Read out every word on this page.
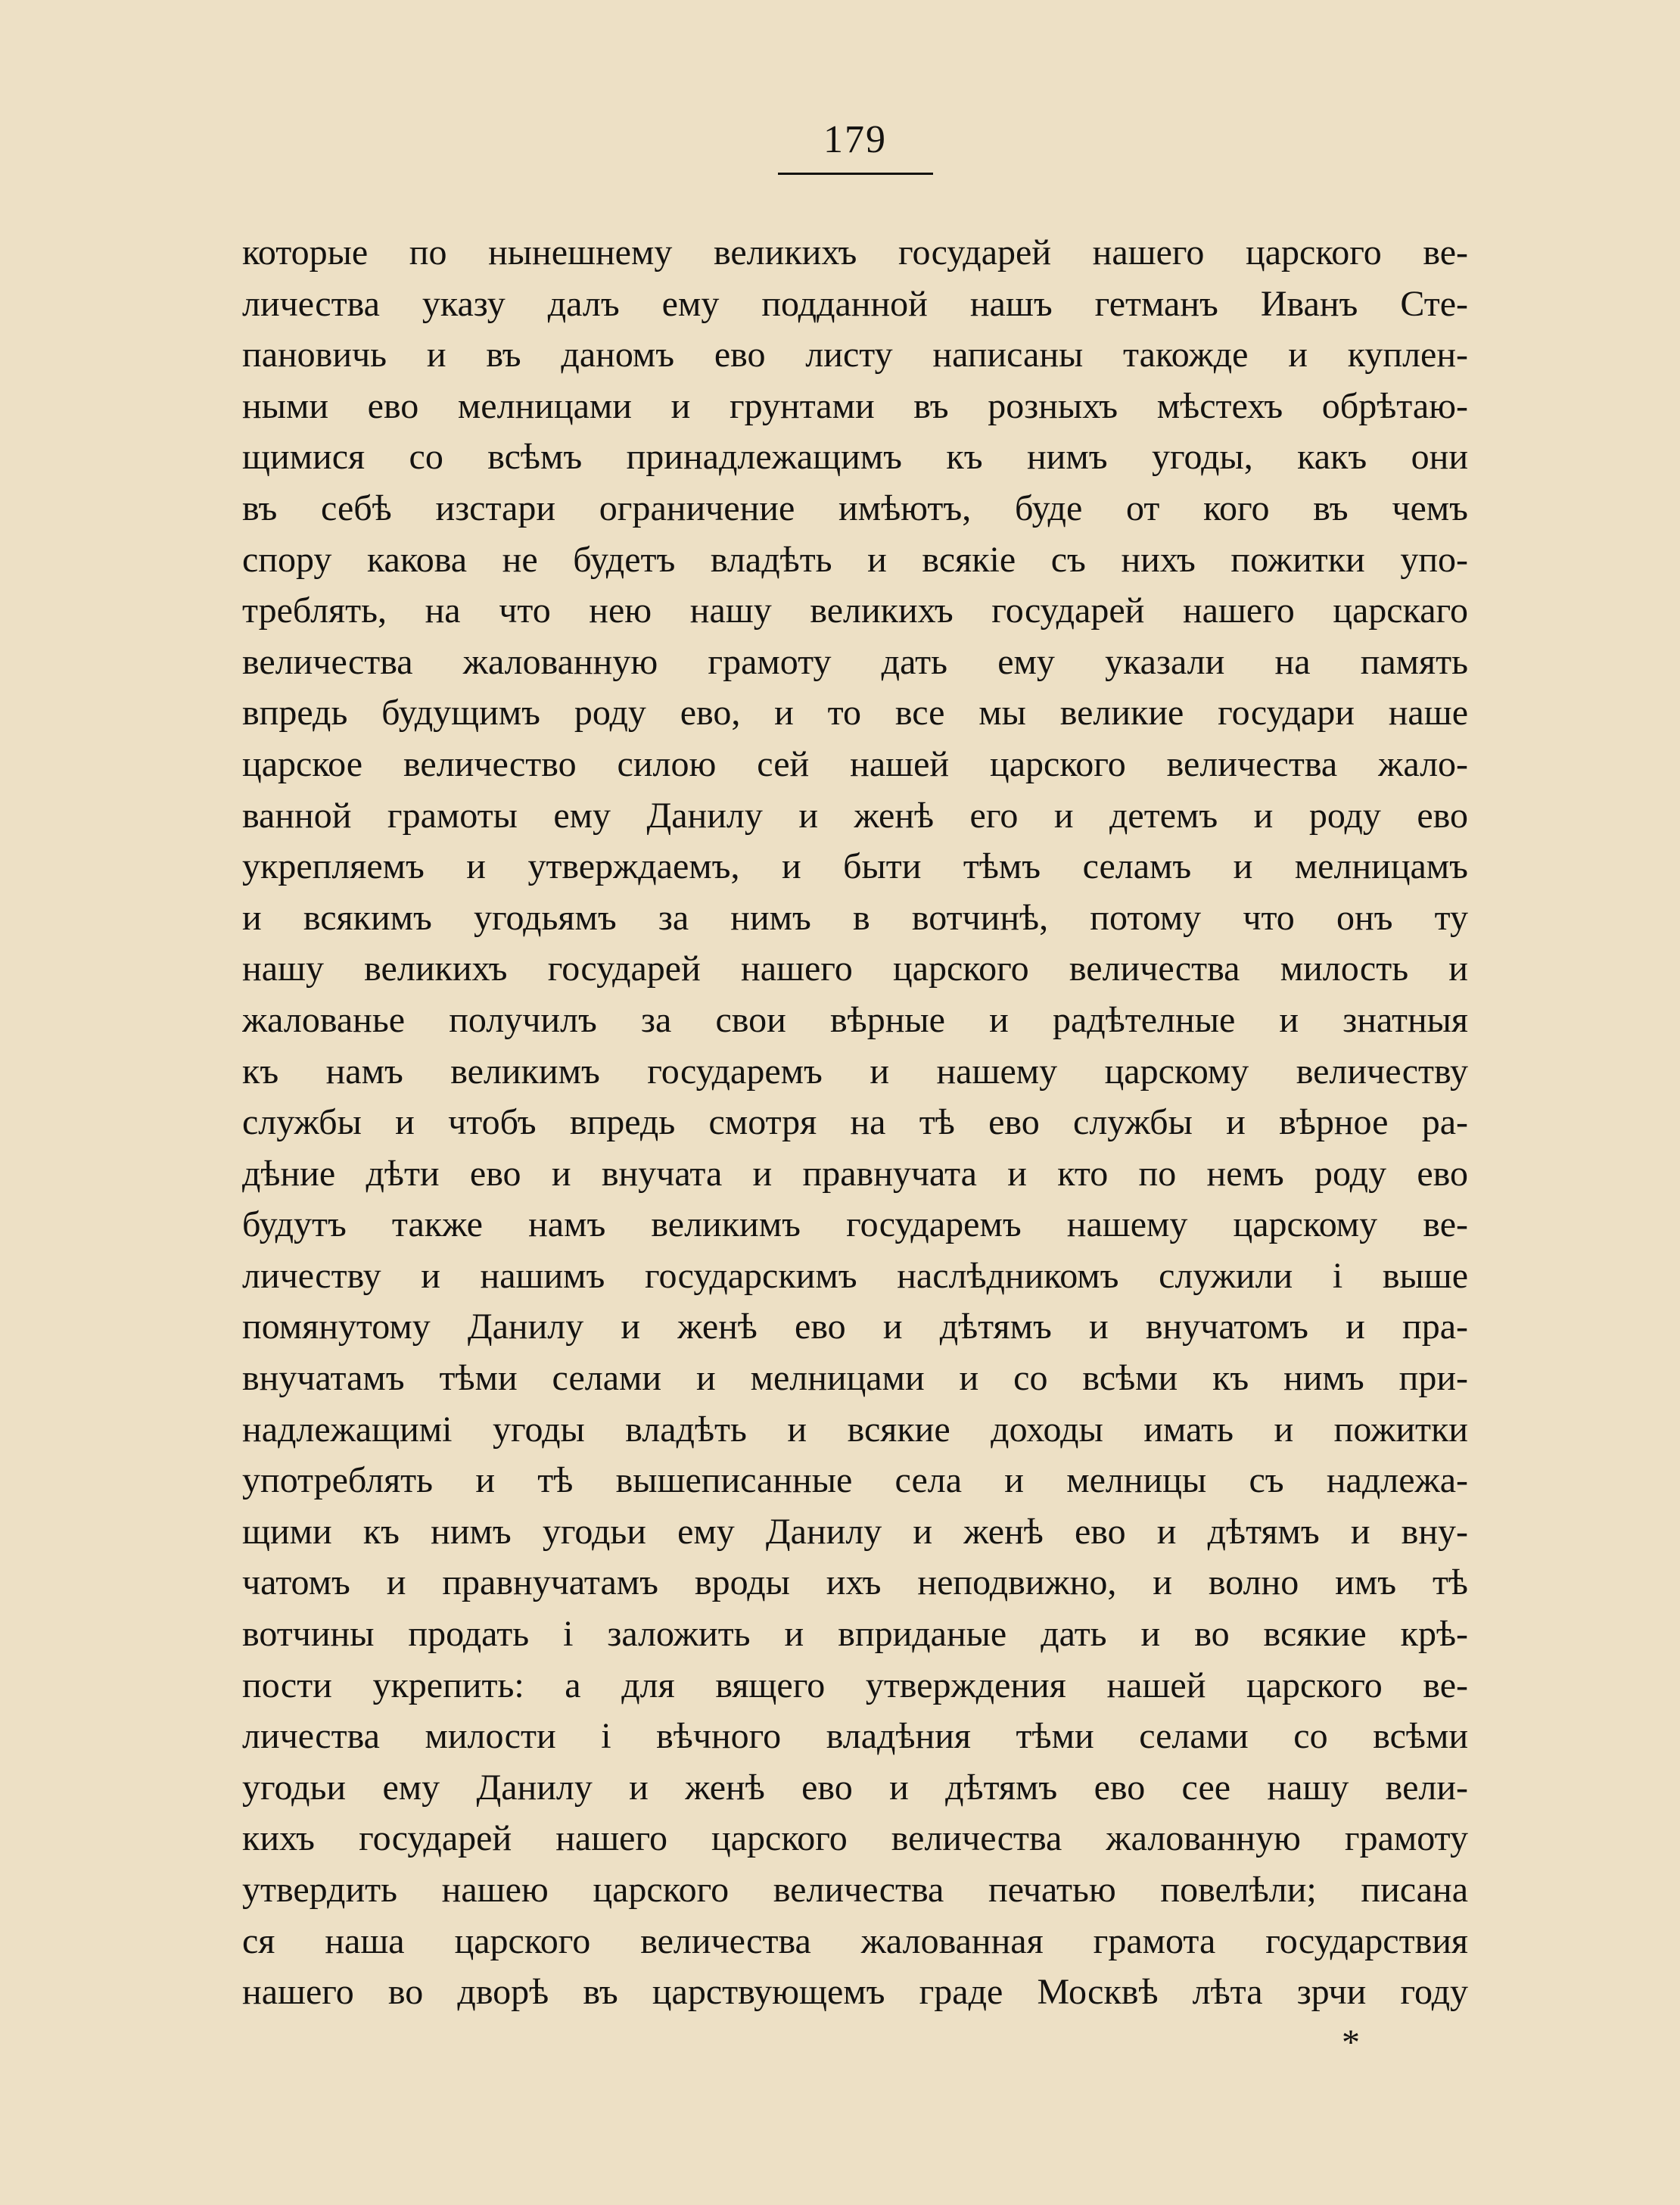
179
которые по нынешнему великихъ государей нашего царского ве-
личества указу далъ ему подданной нашъ гетманъ Иванъ Сте-
пановичь и въ даномъ ево листу написаны такожде и куплен-
ными ево мелницами и грунтами въ розныхъ мѣстехъ обрѣтаю-
щимися со всѣмъ принадлежащимъ къ нимъ угоды, какъ они
въ себѣ изстари ограничение имѣютъ, буде от кого въ чемъ
спору какова не будетъ владѣть и всякіе съ нихъ пожитки упо-
треблять, на что нею нашу великихъ государей нашего царскаго
величества жалованную грамоту дать ему указали на память
впредь будущимъ роду ево, и то все мы великие государи наше
царское величество силою сей нашей царского величества жало-
ванной грамоты ему Данилу и женѣ его и детемъ и роду ево
укрепляемъ и утверждаемъ, и быти тѣмъ селамъ и мелницамъ
и всякимъ угодьямъ за нимъ в вотчинѣ, потому что онъ ту
нашу великихъ государей нашего царского величества милость и
жалованье получилъ за свои вѣрные и радѣтелные и знатныя
къ намъ великимъ государемъ и нашему царскому величеству
службы и чтобъ впредь смотря на тѣ ево службы и вѣрное ра-
дѣние дѣти ево и внучата и правнучата и кто по немъ роду ево
будутъ также намъ великимъ государемъ нашему царскому ве-
личеству и нашимъ государскимъ наслѣдникомъ служили і выше
помянутому Данилу и женѣ ево и дѣтямъ и внучатомъ и пра-
внучатамъ тѣми селами и мелницами и со всѣми къ нимъ при-
надлежащимі угоды владѣть и всякие доходы имать и пожитки
употреблять и тѣ вышеписанные села и мелницы съ надлежа-
щими къ нимъ угодьи ему Данилу и женѣ ево и дѣтямъ и вну-
чатомъ и правнучатамъ вроды ихъ неподвижно, и волно имъ тѣ
вотчины продать і заложить и вприданые дать и во всякие крѣ-
пости укрепить: а для вящего утверждения нашей царского ве-
личества милости і вѣчного владѣния тѣми селами со всѣми
угодьи ему Данилу и женѣ ево и дѣтямъ ево сее нашу вели-
кихъ государей нашего царского величества жалованную грамоту
утвердить нашею царского величества печатью повелѣли; писана
ся наша царского величества жалованная грамота государствия
нашего во дворѣ въ царствующемъ граде Москвѣ лѣта зрчи году
*
